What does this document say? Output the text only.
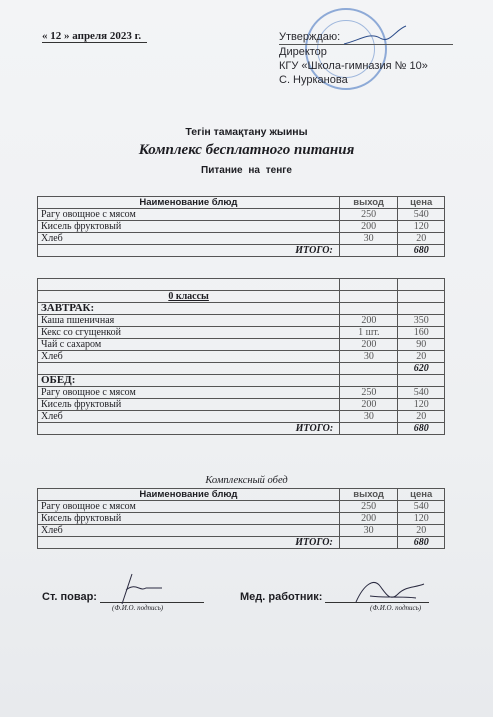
« 12 » апреля 2023 г.	Утверждаю:
Директор
КГУ «Школа-гимназия № 10»
С. Нурканова
Тегін тамақтану жыины
Комплекс бесплатного питания
Питание на тенге
Наименование блюд	выход	цена
Рагу овощное с мясом	250	540
Кисель фруктовый	200	120
Хлеб	30	20
ИТОГО:		680

0 классы		
ЗАВТРАК:		
Каша пшеничная	200	350
Кекс со сгущенкой	1 шт.	160
Чай с сахаром	200	90
Хлеб	30	20
		620
ОБЕД:		
Рагу овощное с мясом	250	540
Кисель фруктовый	200	120
Хлеб	30	20
ИТОГО:		680
Комплексный обед
Наименование блюд	выход	цена
Рагу овощное с мясом	250	540
Кисель фруктовый	200	120
Хлеб	30	20
ИТОГО:		680
Ст. повар:
(Ф.И.О. подпись)
Мед. работник:
(Ф.И.О. подпись)
